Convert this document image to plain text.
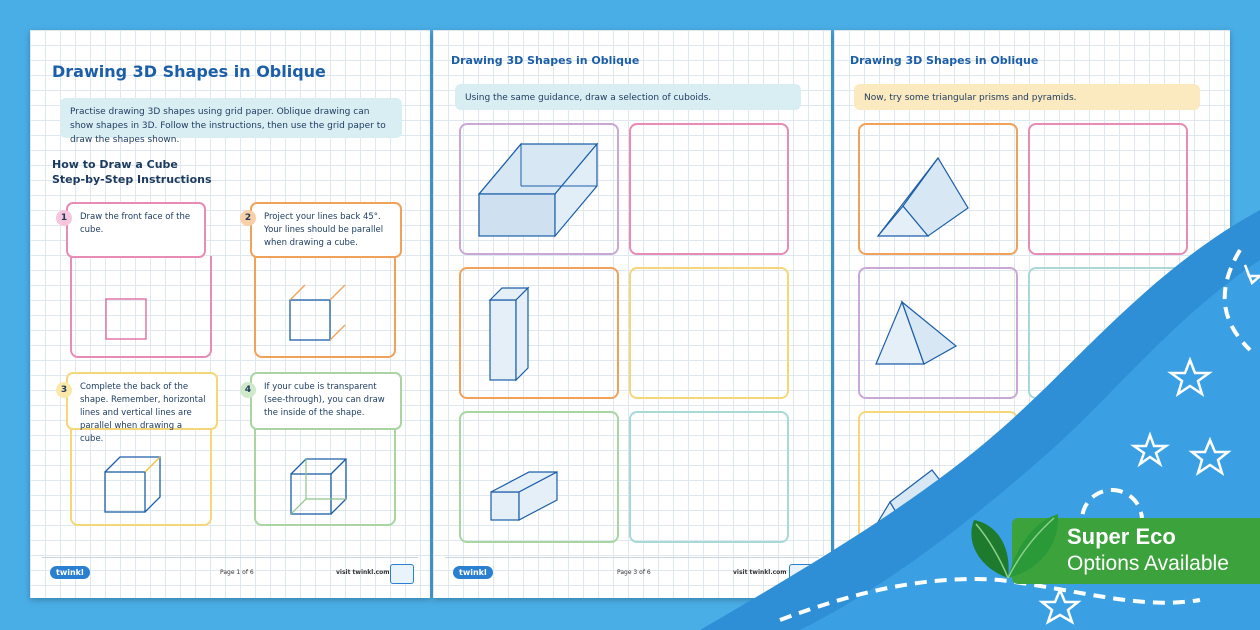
Drawing 3D Shapes in Oblique
Practise drawing 3D shapes using grid paper. Oblique drawing can show shapes in 3D. Follow the instructions, then use the grid paper to draw the shapes shown.
How to Draw a Cube
Step-by-Step Instructions
Draw the front face of the cube.
1	Project your lines back 45°. Your lines should be parallel when drawing a cube.
2
Complete the back of the shape. Remember, horizontal lines and vertical lines are parallel when drawing a cube.
3	If your cube is transparent (see-through), you can draw the inside of the shape.
4
twinkl	Page 1 of 6	visit twinkl.com
Drawing 3D Shapes in Oblique
Using the same guidance, draw a selection of cuboids.
twinkl	Page 3 of 6	visit twinkl.com
Drawing 3D Shapes in Oblique
Now, try some triangular prisms and pyramids.
Super Eco
Options Available
